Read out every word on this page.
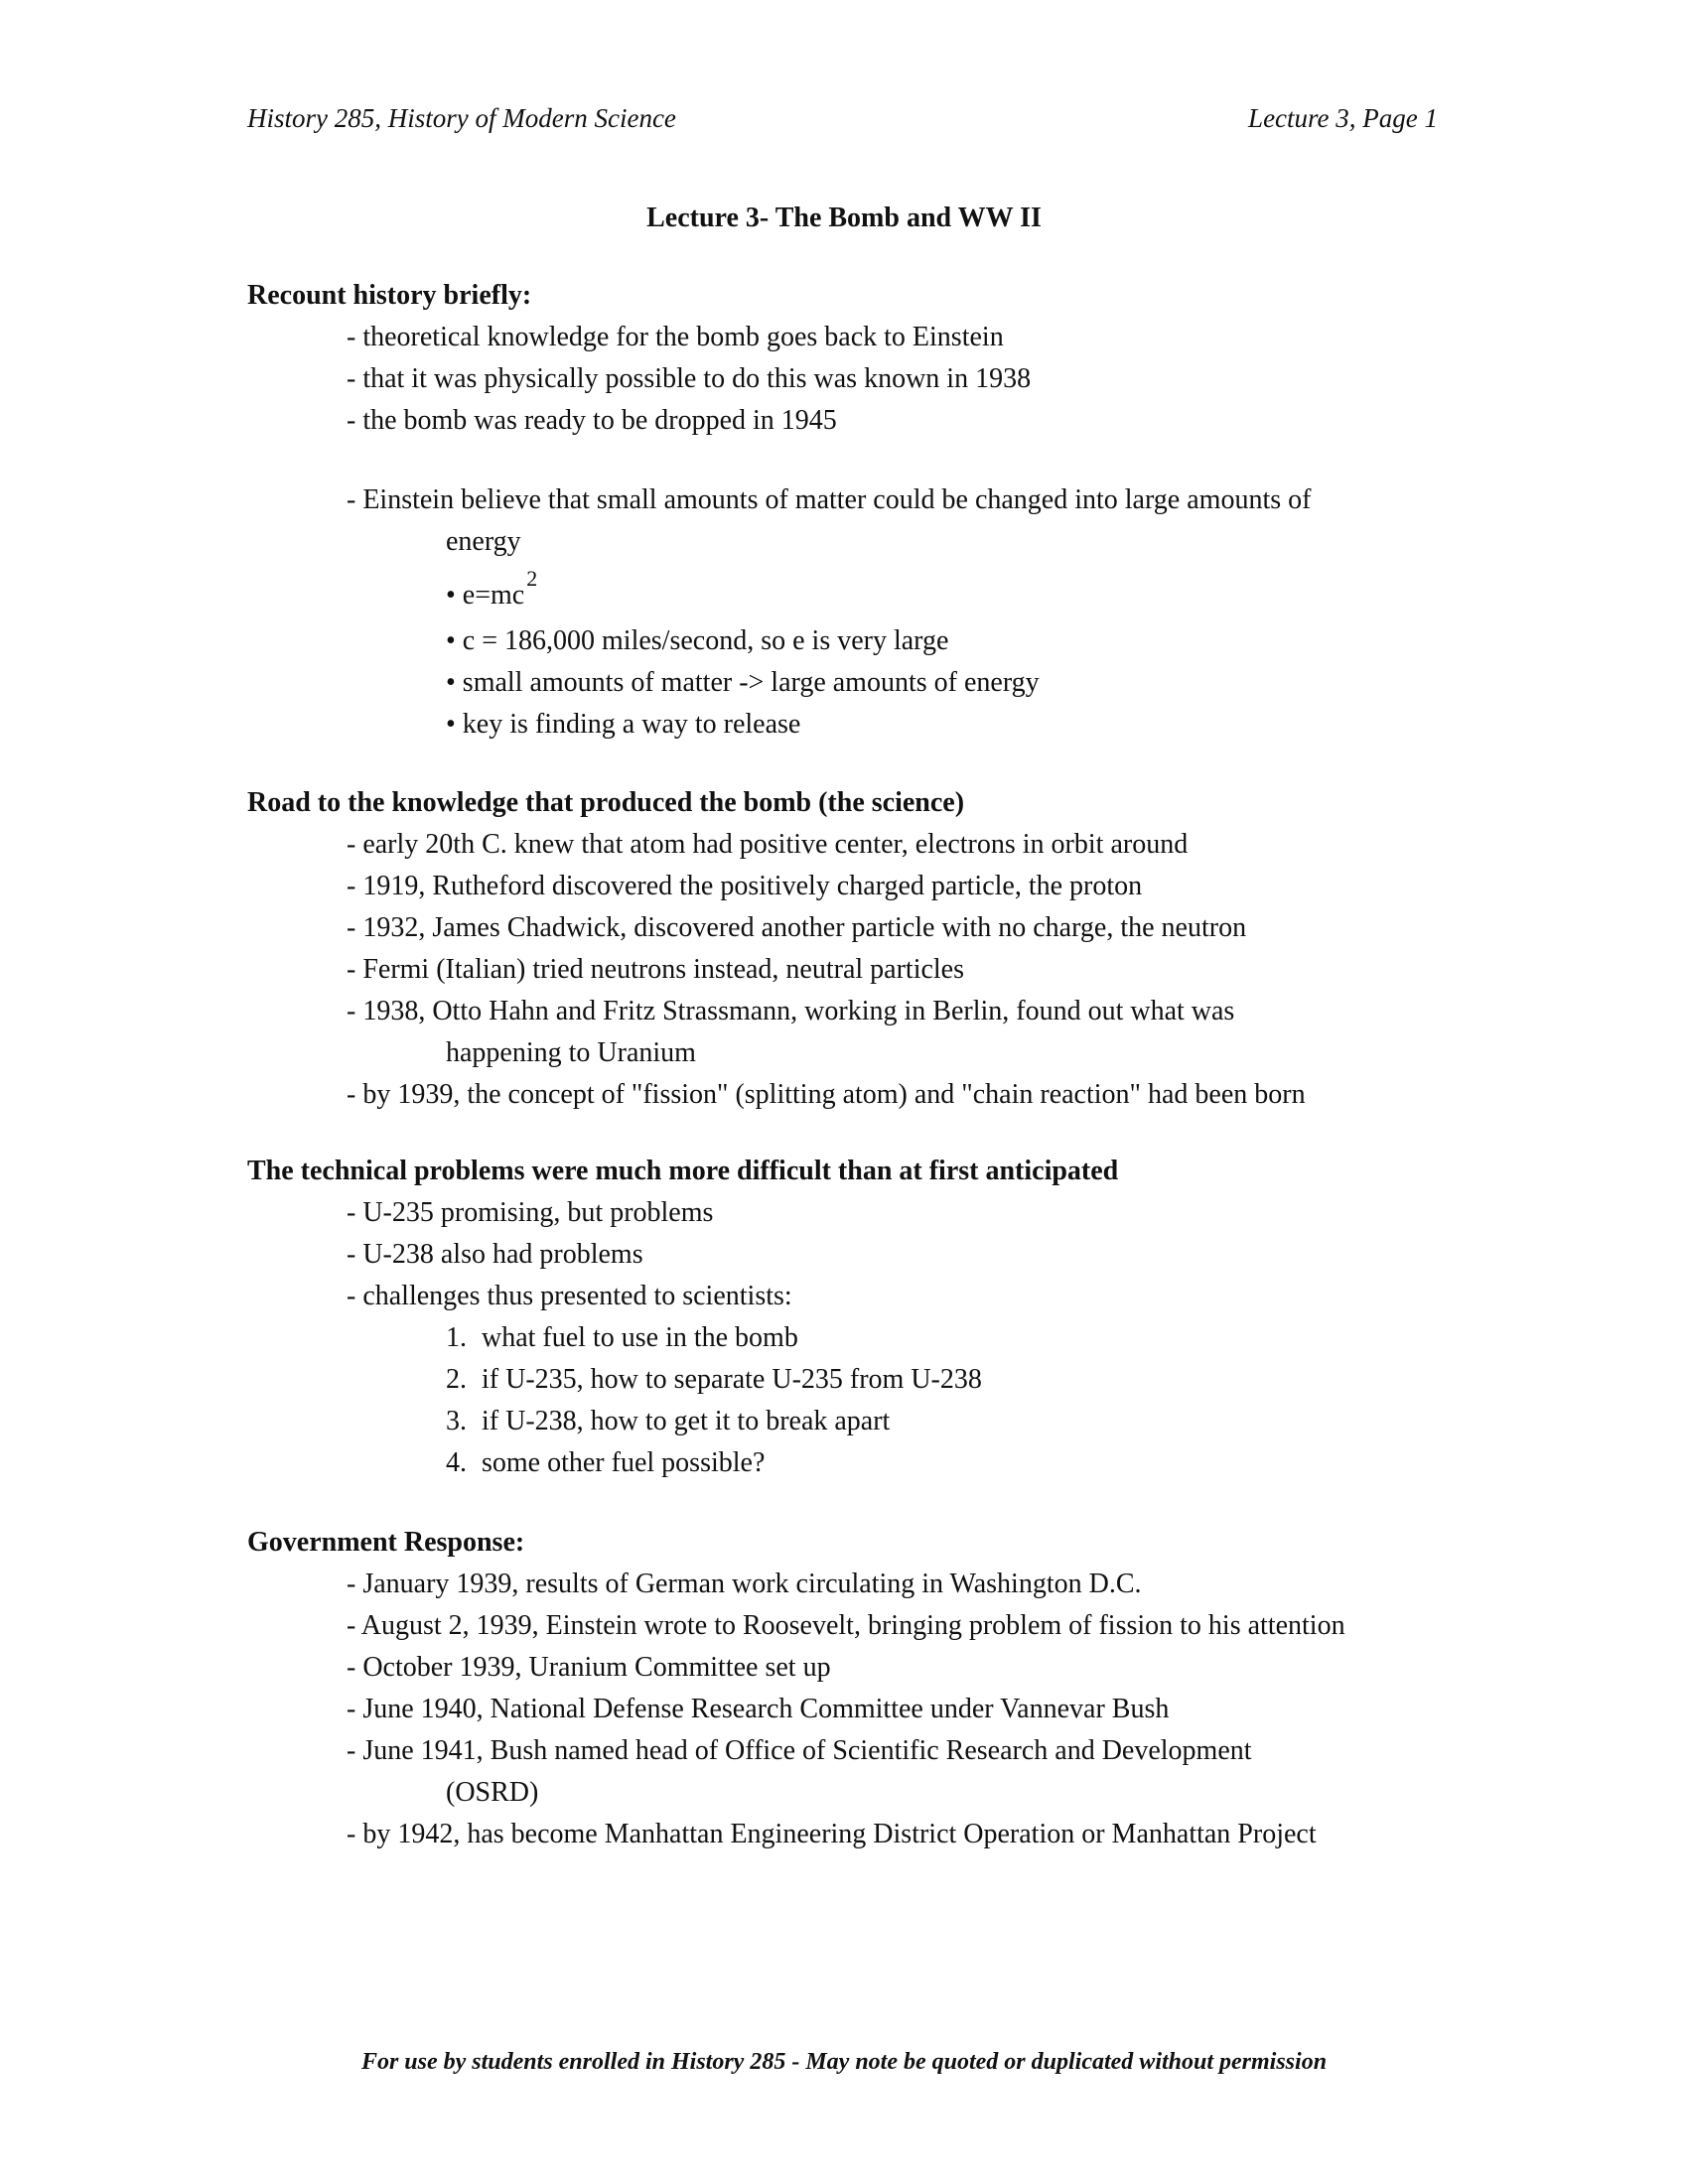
History 285, History of Modern Science	Lecture 3, Page 1
Lecture 3- The Bomb and WW II
Recount history briefly:
- theoretical knowledge for the bomb goes back to Einstein
- that it was physically possible to do this was known in 1938
- the bomb was ready to be dropped in 1945
- Einstein believe that small amounts of matter could be changed into large amounts of
energy
• $e=mc^2$
• c = 186,000 miles/second, so e is very large
• small amounts of matter -> large amounts of energy
• key is finding a way to release
Road to the knowledge that produced the bomb (the science)
- early 20th C. knew that atom had positive center, electrons in orbit around
- 1919, Rutheford discovered the positively charged particle, the proton
- 1932, James Chadwick, discovered another particle with no charge, the neutron
- Fermi (Italian) tried neutrons instead, neutral particles
- 1938, Otto Hahn and Fritz Strassmann, working in Berlin, found out what was
happening to Uranium
- by 1939, the concept of "fission" (splitting atom) and "chain reaction" had been born
The technical problems were much more difficult than at first anticipated
- U-235 promising, but problems
- U-238 also had problems
- challenges thus presented to scientists:
1. what fuel to use in the bomb
2. if U-235, how to separate U-235 from U-238
3. if U-238, how to get it to break apart
4. some other fuel possible?
Government Response:
- January 1939, results of German work circulating in Washington D.C.
- August 2, 1939, Einstein wrote to Roosevelt, bringing problem of fission to his attention
- October 1939, Uranium Committee set up
- June 1940, National Defense Research Committee under Vannevar Bush
- June 1941, Bush named head of Office of Scientific Research and Development
(OSRD)
- by 1942, has become Manhattan Engineering District Operation or Manhattan Project
For use by students enrolled in History 285 - May note be quoted or duplicated without permission
